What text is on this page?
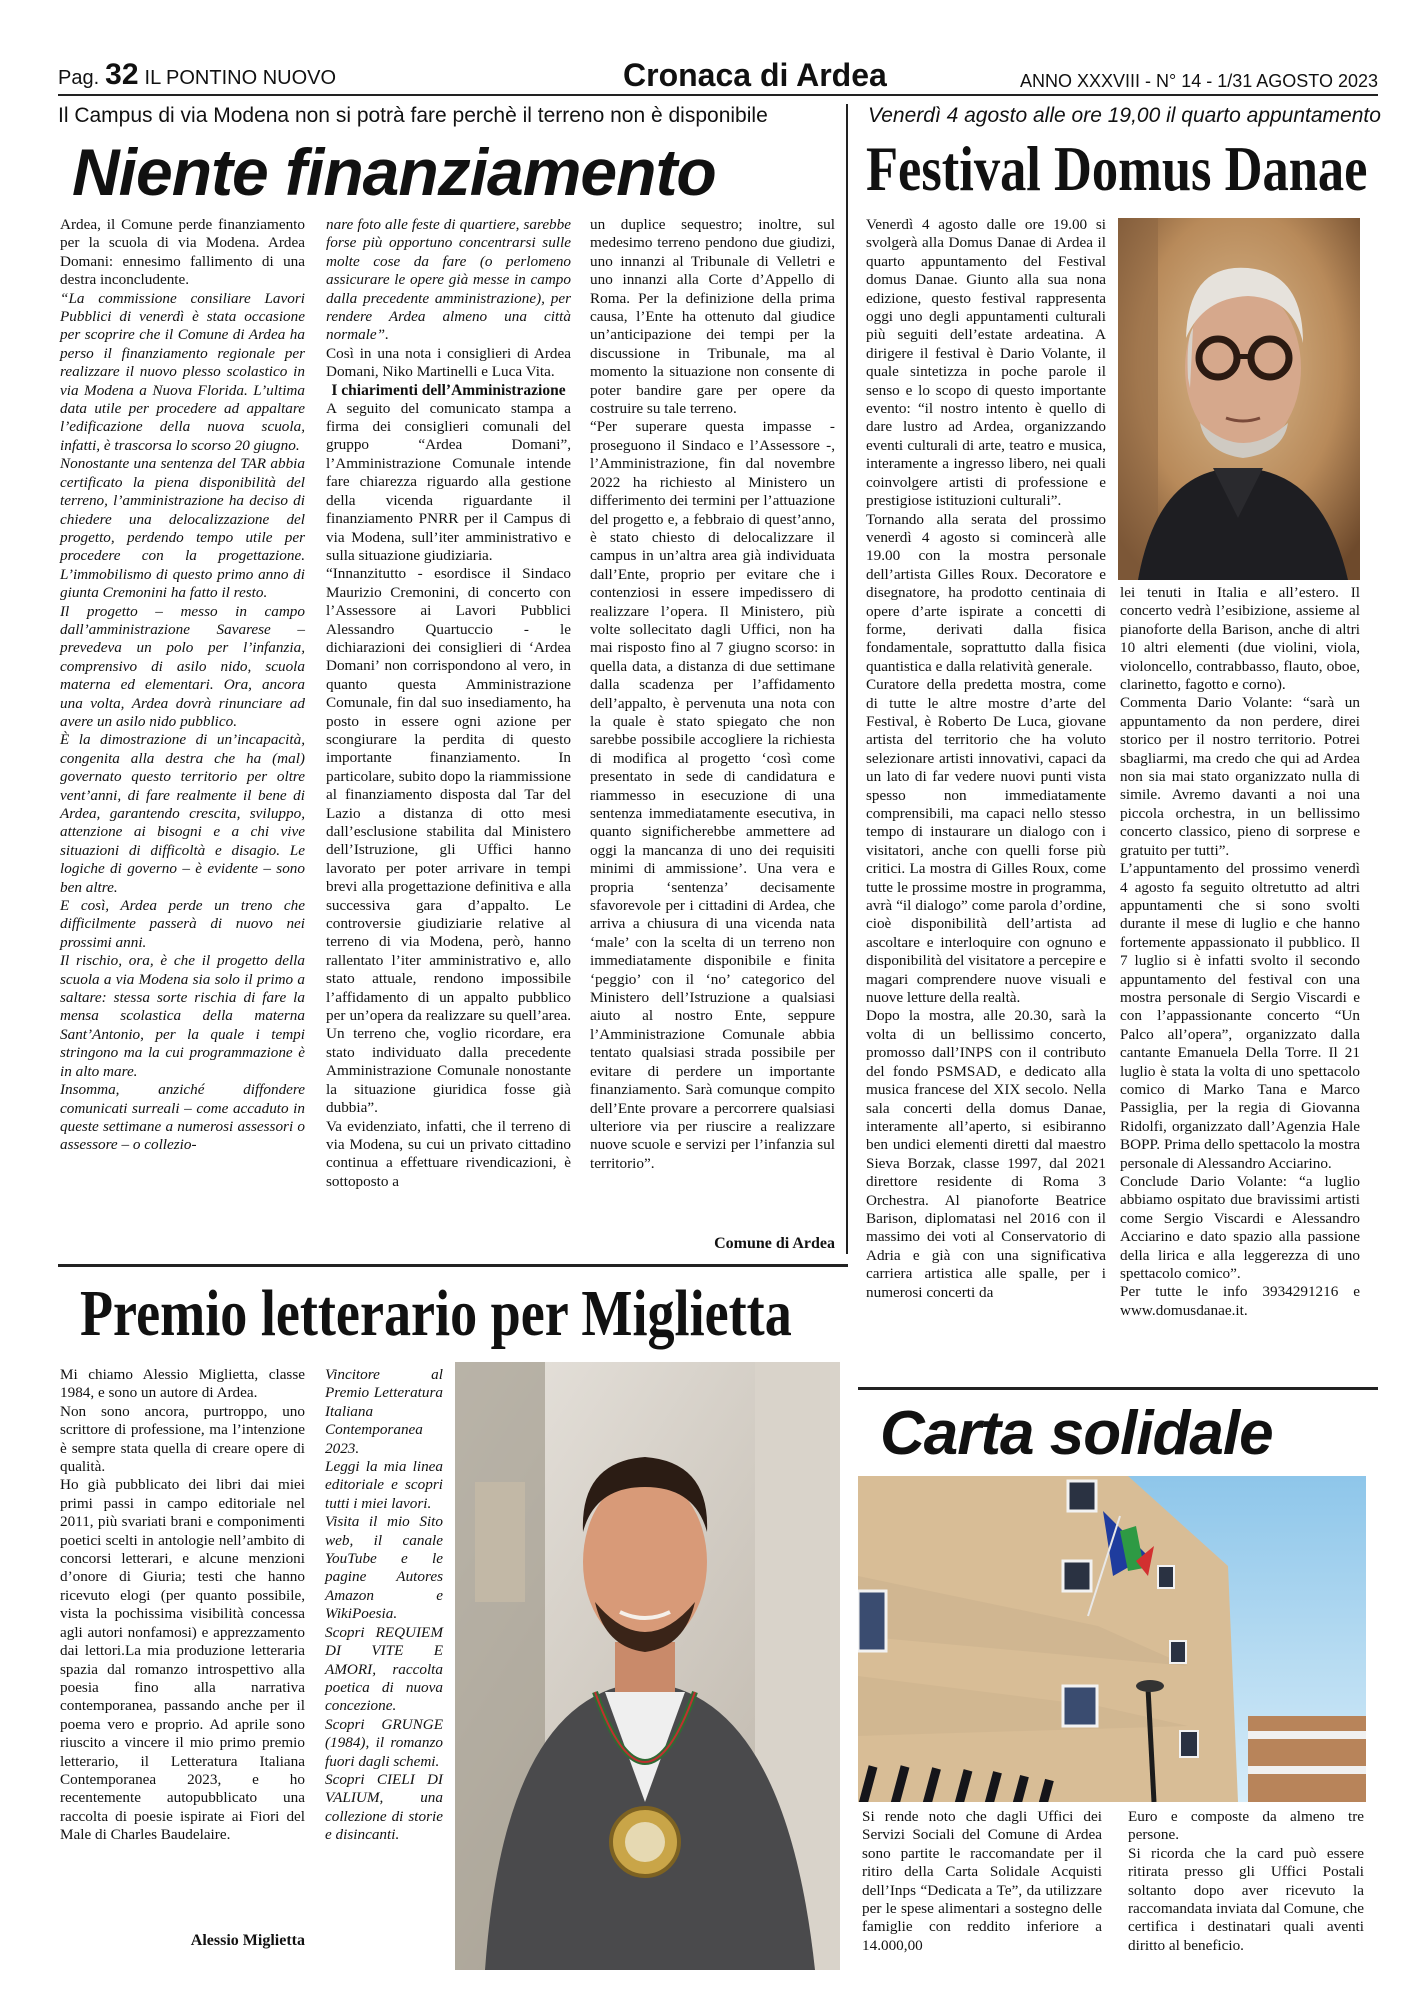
Pag. 32 IL PONTINO NUOVO	Cronaca di Ardea	ANNO XXXVIII - N° 14 - 1/31 AGOSTO 2023
Il Campus di via Modena non si potrà fare perchè il terreno non è disponibile
Niente finanziamento

Ardea, il Comune perde finanziamento per la scuola di via Modena. Ardea Domani: ennesimo fallimento di una destra inconcludente.

“La commissione consiliare Lavori Pubblici di venerdì è stata occasione per scoprire che il Comune di Ardea ha perso il finanziamento regionale per realizzare il nuovo plesso scolastico in via Modena a Nuova Florida. L’ultima data utile per procedere ad appaltare l’edificazione della nuova scuola, infatti, è trascorsa lo scorso 20 giugno.

Nonostante una sentenza del TAR abbia certificato la piena disponibilità del terreno, l’amministrazione ha deciso di chiedere una delocalizzazione del progetto, perdendo tempo utile per procedere con la progettazione. L’immobilismo di questo primo anno di giunta Cremonini ha fatto il resto.

Il progetto – messo in campo dall’amministrazione Savarese – prevedeva un polo per l’infanzia, comprensivo di asilo nido, scuola materna ed elementari. Ora, ancora una volta, Ardea dovrà rinunciare ad avere un asilo nido pubblico.

È la dimostrazione di un’incapacità, congenita alla destra che ha (mal) governato questo territorio per oltre vent’anni, di fare realmente il bene di Ardea, garantendo crescita, sviluppo, attenzione ai bisogni e a chi vive situazioni di difficoltà e disagio. Le logiche di governo – è evidente – sono ben altre.

E così, Ardea perde un treno che difficilmente passerà di nuovo nei prossimi anni.

Il rischio, ora, è che il progetto della scuola a via Modena sia solo il primo a saltare: stessa sorte rischia di fare la mensa scolastica della materna Sant’Antonio, per la quale i tempi stringono ma la cui programmazione è in alto mare.

Insomma, anziché diffondere comunicati surreali – come accaduto in queste settimane a numerosi assessori o assessore – o collezio-

nare foto alle feste di quartiere, sarebbe forse più opportuno concentrarsi sulle molte cose da fare (o perlomeno assicurare le opere già messe in campo dalla precedente amministrazione), per rendere Ardea almeno una città normale”.

Così in una nota i consiglieri di Ardea Domani, Niko Martinelli e Luca Vita.

I chiarimenti dell’Amministrazione

A seguito del comunicato stampa a firma dei consiglieri comunali del gruppo “Ardea Domani”, l’Amministrazione Comunale intende fare chiarezza riguardo alla gestione della vicenda riguardante il finanziamento PNRR per il Campus di via Modena, sull’iter amministrativo e sulla situazione giudiziaria.

“Innanzitutto - esordisce il Sindaco Maurizio Cremonini, di concerto con l’Assessore ai Lavori Pubblici Alessandro Quartuccio - le dichiarazioni dei consiglieri di ‘Ardea Domani’ non corrispondono al vero, in quanto questa Amministrazione Comunale, fin dal suo insediamento, ha posto in essere ogni azione per scongiurare la perdita di questo importante finanziamento. In particolare, subito dopo la riammissione al finanziamento disposta dal Tar del Lazio a distanza di otto mesi dall’esclusione stabilita dal Ministero dell’Istruzione, gli Uffici hanno lavorato per poter arrivare in tempi brevi alla progettazione definitiva e alla successiva gara d’appalto. Le controversie giudiziarie relative al terreno di via Modena, però, hanno rallentato l’iter amministrativo e, allo stato attuale, rendono impossibile l’affidamento di un appalto pubblico per un’opera da realizzare su quell’area. Un terreno che, voglio ricordare, era stato individuato dalla precedente Amministrazione Comunale nonostante la situazione giuridica fosse già dubbia”.

Va evidenziato, infatti, che il terreno di via Modena, su cui un privato cittadino continua a effettuare rivendicazioni, è sottoposto a

un duplice sequestro; inoltre, sul medesimo terreno pendono due giudizi, uno innanzi al Tribunale di Velletri e uno innanzi alla Corte d’Appello di Roma. Per la definizione della prima causa, l’Ente ha ottenuto dal giudice un’anticipazione dei tempi per la discussione in Tribunale, ma al momento la situazione non consente di poter bandire gare per opere da costruire su tale terreno.

“Per superare questa impasse - proseguono il Sindaco e l’Assessore -, l’Amministrazione, fin dal novembre 2022 ha richiesto al Ministero un differimento dei termini per l’attuazione del progetto e, a febbraio di quest’anno, è stato chiesto di delocalizzare il campus in un’altra area già individuata dall’Ente, proprio per evitare che i contenziosi in essere impedissero di realizzare l’opera. Il Ministero, più volte sollecitato dagli Uffici, non ha mai risposto fino al 7 giugno scorso: in quella data, a distanza di due settimane dalla scadenza per l’affidamento dell’appalto, è pervenuta una nota con la quale è stato spiegato che non sarebbe possibile accogliere la richiesta di modifica al progetto ‘così come presentato in sede di candidatura e riammesso in esecuzione di una sentenza immediatamente esecutiva, in quanto significherebbe ammettere ad oggi la mancanza di uno dei requisiti minimi di ammissione’. Una vera e propria ‘sentenza’ decisamente sfavorevole per i cittadini di Ardea, che arriva a chiusura di una vicenda nata ‘male’ con la scelta di un terreno non immediatamente disponibile e finita ‘peggio’ con il ‘no’ categorico del Ministero dell’Istruzione a qualsiasi aiuto al nostro Ente, seppure l’Amministrazione Comunale abbia tentato qualsiasi strada possibile per evitare di perdere un importante finanziamento. Sarà comunque compito dell’Ente provare a percorrere qualsiasi ulteriore via per riuscire a realizzare nuove scuole e servizi per l’infanzia sul territorio”.

Comune di Ardea

Venerdì 4 agosto alle ore 19,00 il quarto appuntamento
Festival Domus Danae

Venerdì 4 agosto dalle ore 19.00 si svolgerà alla Domus Danae di Ardea il quarto appuntamento del Festival domus Danae. Giunto alla sua nona edizione, questo festival rappresenta oggi uno degli appuntamenti culturali più seguiti dell’estate ardeatina. A dirigere il festival è Dario Volante, il quale sintetizza in poche parole il senso e lo scopo di questo importante evento: “il nostro intento è quello di dare lustro ad Ardea, organizzando eventi culturali di arte, teatro e musica, interamente a ingresso libero, nei quali coinvolgere artisti di professione e prestigiose istituzioni culturali”.

Tornando alla serata del prossimo venerdì 4 agosto si comincerà alle 19.00 con la mostra personale dell’artista Gilles Roux. Decoratore e disegnatore, ha prodotto centinaia di opere d’arte ispirate a concetti di forme, derivati dalla fisica fondamentale, soprattutto dalla fisica quantistica e dalla relatività generale.

Curatore della predetta mostra, come di tutte le altre mostre d’arte del Festival, è Roberto De Luca, giovane artista del territorio che ha voluto selezionare artisti innovativi, capaci da un lato di far vedere nuovi punti vista spesso non immediatamente comprensibili, ma capaci nello stesso tempo di instaurare un dialogo con i visitatori, anche con quelli forse più critici. La mostra di Gilles Roux, come tutte le prossime mostre in programma, avrà “il dialogo” come parola d’ordine, cioè disponibilità dell’artista ad ascoltare e interloquire con ognuno e disponibilità del visitatore a percepire e magari comprendere nuove visuali e nuove letture della realtà.

Dopo la mostra, alle 20.30, sarà la volta di un bellissimo concerto, promosso dall’INPS con il contributo del fondo PSMSAD, e dedicato alla musica francese del XIX secolo. Nella sala concerti della domus Danae, interamente all’aperto, si esibiranno ben undici elementi diretti dal maestro Sieva Borzak, classe 1997, dal 2021 direttore residente di Roma 3 Orchestra. Al pianoforte Beatrice Barison, diplomatasi nel 2016 con il massimo dei voti al Conservatorio di Adria e già con una significativa carriera artistica alle spalle, per i numerosi concerti da

lei tenuti in Italia e all’estero. Il concerto vedrà l’esibizione, assieme al pianoforte della Barison, anche di altri 10 altri elementi (due violini, viola, violoncello, contrabbasso, flauto, oboe, clarinetto, fagotto e corno).

Commenta Dario Volante: “sarà un appuntamento da non perdere, direi storico per il nostro territorio. Potrei sbagliarmi, ma credo che qui ad Ardea non sia mai stato organizzato nulla di simile. Avremo davanti a noi una piccola orchestra, in un bellissimo concerto classico, pieno di sorprese e gratuito per tutti”.

L’appuntamento del prossimo venerdì 4 agosto fa seguito oltretutto ad altri appuntamenti che si sono svolti durante il mese di luglio e che hanno fortemente appassionato il pubblico. Il 7 luglio si è infatti svolto il secondo appuntamento del festival con una mostra personale di Sergio Viscardi e con l’appassionante concerto “Un Palco all’opera”, organizzato dalla cantante Emanuela Della Torre. Il 21 luglio è stata la volta di uno spettacolo comico di Marko Tana e Marco Passiglia, per la regia di Giovanna Ridolfi, organizzato dall’Agenzia Hale BOPP. Prima dello spettacolo la mostra personale di Alessandro Acciarino.

Conclude Dario Volante: “a luglio abbiamo ospitato due bravissimi artisti come Sergio Viscardi e Alessandro Acciarino e dato spazio alla passione della lirica e alla leggerezza di uno spettacolo comico”.

Per tutte le info 3934291216 e www.domusdanae.it.

Premio letterario per Miglietta

Mi chiamo Alessio Miglietta, classe 1984, e sono un autore di Ardea.

Non sono ancora, purtroppo, uno scrittore di professione, ma l’intenzione è sempre stata quella di creare opere di qualità.

Ho già pubblicato dei libri dai miei primi passi in campo editoriale nel 2011, più svariati brani e componimenti poetici scelti in antologie nell’ambito di concorsi letterari, e alcune menzioni d’onore di Giuria; testi che hanno ricevuto elogi (per quanto possibile, vista la pochissima visibilità concessa agli autori nonfamosi) e apprezzamento dai lettori.La mia produzione letteraria spazia dal romanzo introspettivo alla poesia fino alla narrativa contemporanea, passando anche per il poema vero e proprio. Ad aprile sono riuscito a vincere il mio primo premio letterario, il Letteratura Italiana Contemporanea 2023, e ho recentemente autopubblicato una raccolta di poesie ispirate ai Fiori del Male di Charles Baudelaire.

Alessio Miglietta

Vincitore al Premio Letteratura Italiana Contemporanea 2023.

Leggi la mia linea editoriale e scopri tutti i miei lavori.

Visita il mio Sito web, il canale YouTube e le pagine Autores Amazon e WikiPoesia.

Scopri REQUIEM DI VITE E AMORI, raccolta poetica di nuova concezione.

Scopri GRUNGE (1984), il romanzo fuori dagli schemi.

Scopri CIELI DI VALIUM, una collezione di storie e disincanti.

Carta solidale

Si rende noto che dagli Uffici dei Servizi Sociali del Comune di Ardea sono partite le raccomandate per il ritiro della Carta Solidale Acquisti dell’Inps “Dedicata a Te”, da utilizzare per le spese alimentari a sostegno delle famiglie con reddito inferiore a 14.000,00

Euro e composte da almeno tre persone.

Si ricorda che la card può essere ritirata presso gli Uffici Postali soltanto dopo aver ricevuto la raccomandata inviata dal Comune, che certifica i destinatari quali aventi diritto al beneficio.
